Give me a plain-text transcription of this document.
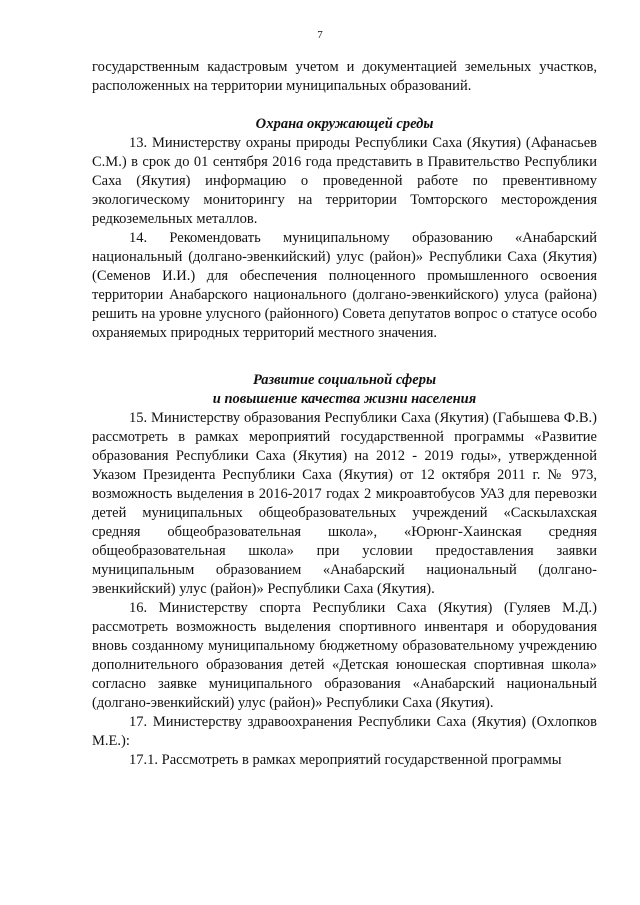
7

государственным кадастровым учетом и документацией земельных участков, расположенных на территории муниципальных образований.

Охрана окружающей среды

13. Министерству охраны природы Республики Саха (Якутия) (Афанасьев С.М.) в срок до 01 сентября 2016 года представить в Правительство Республики Саха (Якутия) информацию о проведенной работе по превентивному экологическому мониторингу на территории Томторского месторождения редкоземельных металлов.

14. Рекомендовать муниципальному образованию «Анабарский национальный (долгано-эвенкийский) улус (район)» Республики Саха (Якутия) (Семенов И.И.) для обеспечения полноценного промышленного освоения территории Анабарского национального (долгано-эвенкийского) улуса (района) решить на уровне улусного (районного) Совета депутатов вопрос о статусе особо охраняемых природных территорий местного значения.

Развитие социальной сферы
и повышение качества жизни населения

15. Министерству образования Республики Саха (Якутия) (Габышева Ф.В.) рассмотреть в рамках мероприятий государственной программы «Развитие образования Республики Саха (Якутия) на 2012 - 2019 годы», утвержденной Указом Президента Республики Саха (Якутия) от 12 октября 2011 г. № 973, возможность выделения в 2016-2017 годах 2 микроавтобусов УАЗ для перевозки детей муниципальных общеобразовательных учреждений «Саскылахская средняя общеобразовательная школа», «Юрюнг-Хаинская средняя общеобразовательная школа» при условии предоставления заявки муниципальным образованием «Анабарский национальный (долгано-эвенкийский) улус (район)» Республики Саха (Якутия).

16. Министерству спорта Республики Саха (Якутия) (Гуляев М.Д.) рассмотреть возможность выделения спортивного инвентаря и оборудования вновь созданному муниципальному бюджетному образовательному учреждению дополнительного образования детей «Детская юношеская спортивная школа» согласно заявке муниципального образования «Анабарский национальный (долгано-эвенкийский) улус (район)» Республики Саха (Якутия).

17. Министерству здравоохранения Республики Саха (Якутия) (Охлопков М.Е.):

17.1. Рассмотреть в рамках мероприятий государственной программы
